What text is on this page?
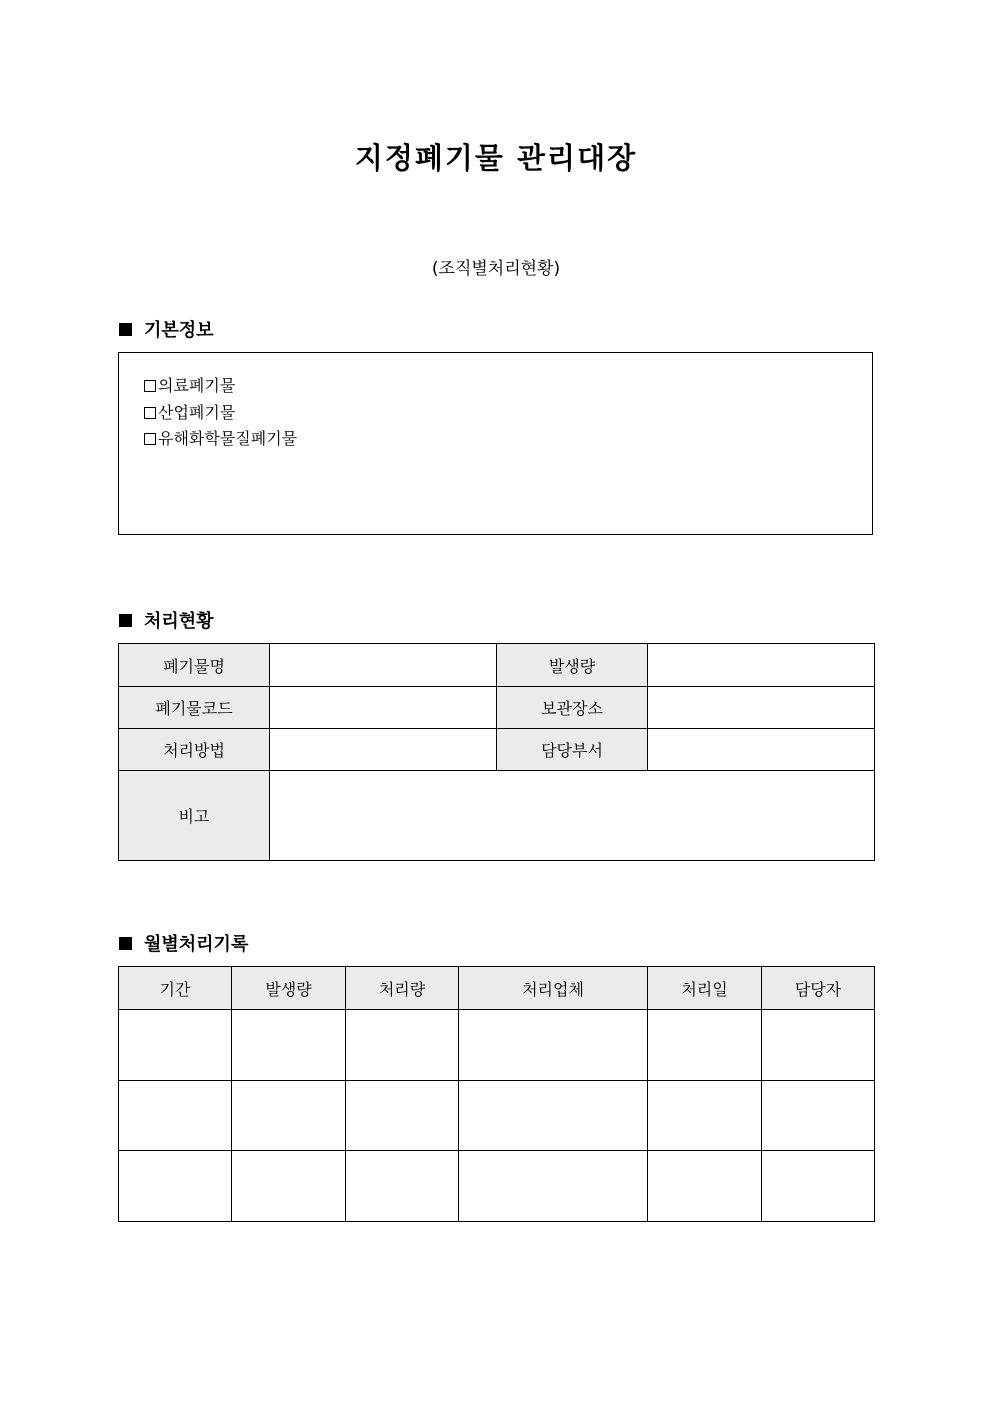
지정폐기물 관리대장
(조직별처리현황)
기본정보
의료폐기물
산업폐기물
유해화학물질폐기물
처리현황
폐기물명		발생량	
폐기물코드		보관장소	
처리방법		담당부서	
비고			
월별처리기록
기간	발생량	처리량	처리업체	처리일	담당자
